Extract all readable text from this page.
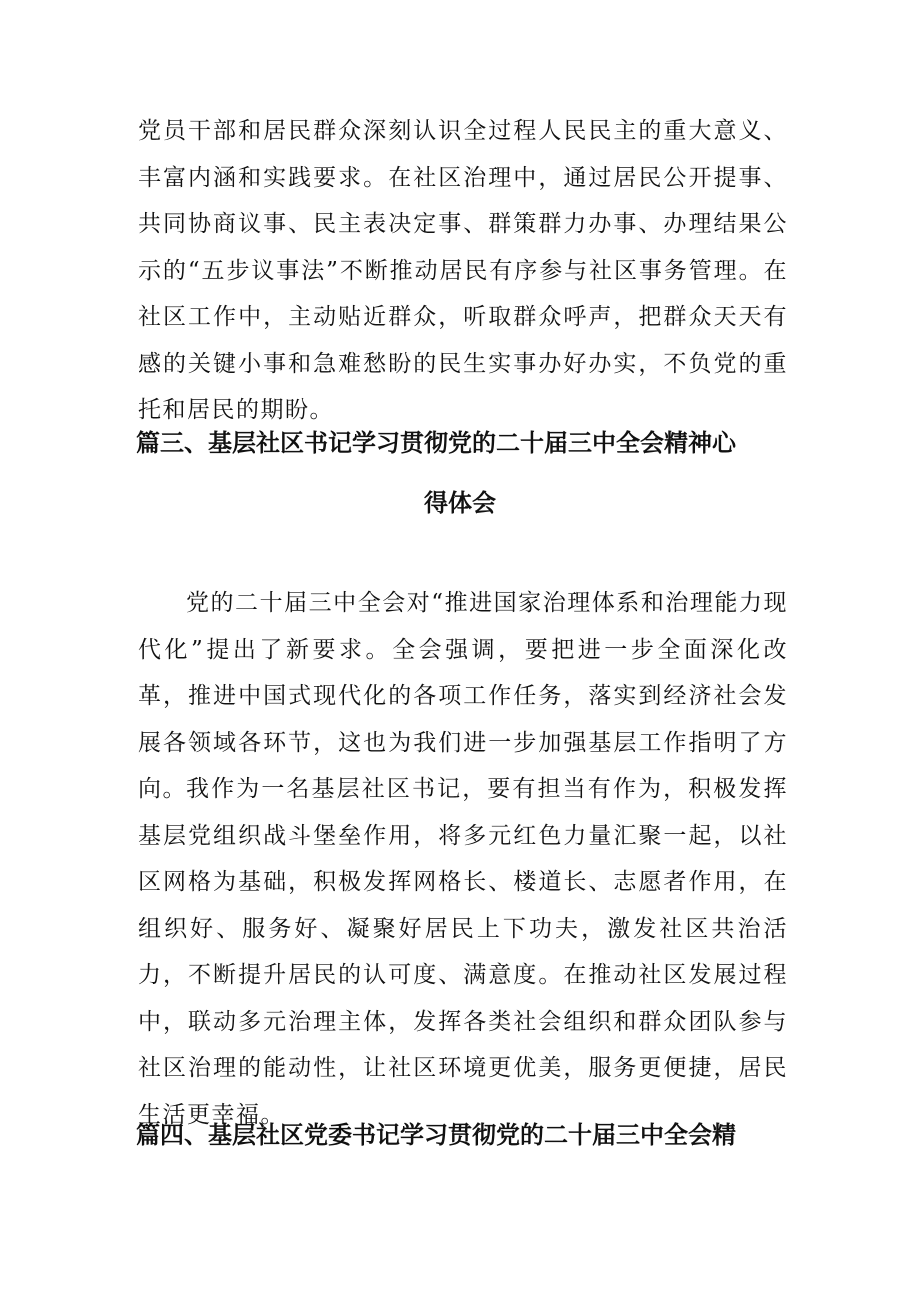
党员干部和居民群众深刻认识全过程人民民主的重大意义、丰富内涵和实践要求。在社区治理中，通过居民公开提事、共同协商议事、民主表决定事、群策群力办事、办理结果公示的“五步议事法”不断推动居民有序参与社区事务管理。在社区工作中，主动贴近群众，听取群众呼声，把群众天天有感的关键小事和急难愁盼的民生实事办好办实，不负党的重托和居民的期盼。

篇三、基层社区书记学习贯彻党的二十届三中全会精神心
得体会

党的二十届三中全会对“推进国家治理体系和治理能力现代化”提出了新要求。全会强调，要把进一步全面深化改革，推进中国式现代化的各项工作任务，落实到经济社会发展各领域各环节，这也为我们进一步加强基层工作指明了方向。 我作为一名基层社区书记，要有担当有作为，积极发挥基层党组织战斗堡垒作用，将多元红色力量汇聚一起，以社区网格为基础，积极发挥网格长、楼道长、志愿者作用，在组织好、服务好、凝聚好居民上下功夫，激发社区共治活力，不断提升居民的认可度、满意度。在推动社区发展过程中，联动多元治理主体，发挥各类社会组织和群众团队参与社区治理的能动性，让社区环境更优美，服务更便捷，居民生活更幸福。

篇四、基层社区党委书记学习贯彻党的二十届三中全会精
